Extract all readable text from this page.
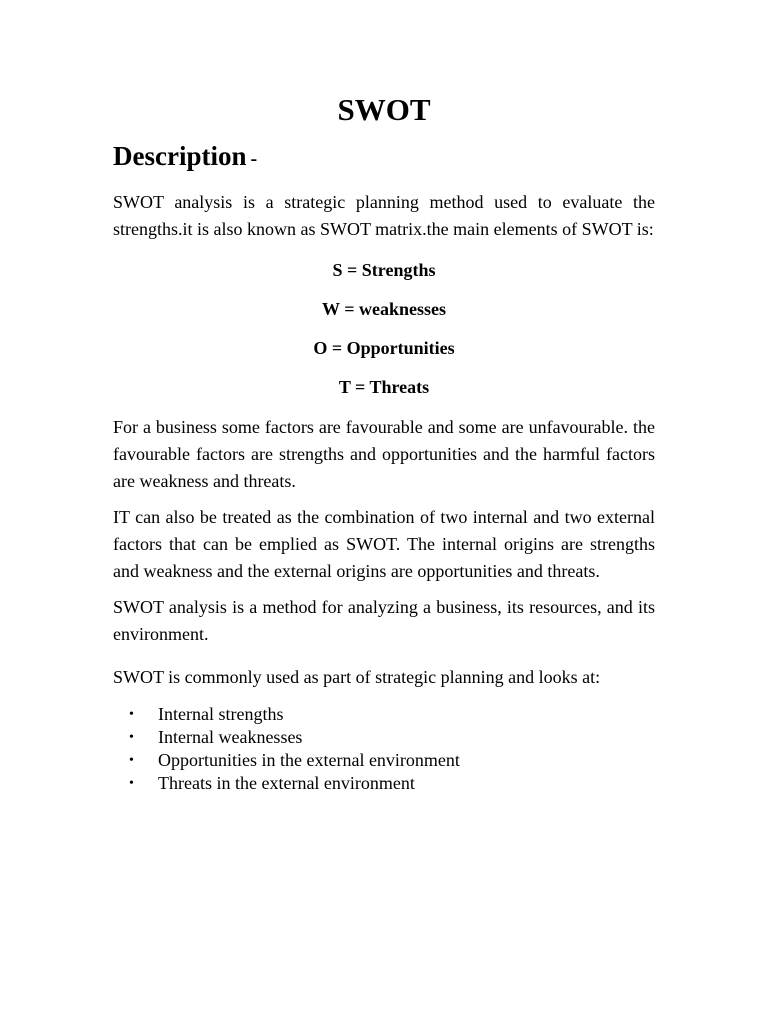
SWOT
Description -

SWOT analysis is a strategic planning method used to evaluate the strengths.it is also known as SWOT matrix.the main elements of SWOT is:

S = Strengths

W = weaknesses

O = Opportunities

T = Threats

For a business some factors are favourable and some are unfavourable. the favourable factors are strengths and opportunities and the harmful factors are weakness and threats.

IT can also be treated as the combination of two internal and two external factors that can be emplied as SWOT. The internal origins are strengths and weakness and the external origins are opportunities and threats.

SWOT analysis is a method for analyzing a business, its resources, and its environment.

SWOT is commonly used as part of strategic planning and looks at:

• Internal strengths
• Internal weaknesses
• Opportunities in the external environment
• Threats in the external environment
